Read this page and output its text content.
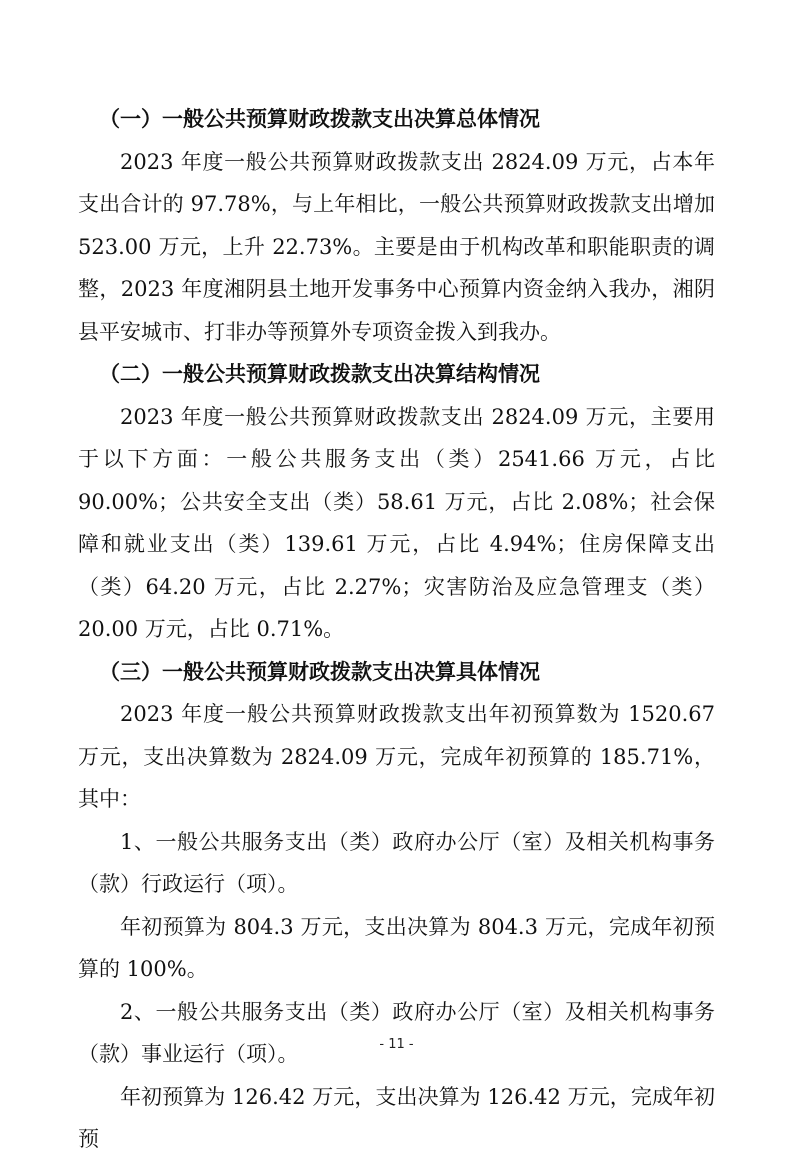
（一）一般公共预算财政拨款支出决算总体情况

2023 年度一般公共预算财政拨款支出 2824.09 万元，占本年支出合计的 97.78%，与上年相比，一般公共预算财政拨款支出增加 523.00 万元，上升 22.73%。主要是由于机构改革和职能职责的调整，2023 年度湘阴县土地开发事务中心预算内资金纳入我办，湘阴县平安城市、打非办等预算外专项资金拨入到我办。

（二）一般公共预算财政拨款支出决算结构情况

2023 年度一般公共预算财政拨款支出 2824.09 万元，主要用于以下方面：一般公共服务支出（类）2541.66 万元，占比 90.00%；公共安全支出（类）58.61 万元，占比 2.08%；社会保障和就业支出（类）139.61 万元，占比 4.94%；住房保障支出（类）64.20 万元，占比 2.27%；灾害防治及应急管理支（类）20.00 万元，占比 0.71%。

（三）一般公共预算财政拨款支出决算具体情况

2023 年度一般公共预算财政拨款支出年初预算数为 1520.67 万元，支出决算数为 2824.09 万元，完成年初预算的 185.71%，其中：

1、一般公共服务支出（类）政府办公厅（室）及相关机构事务（款）行政运行（项）。

年初预算为 804.3 万元，支出决算为 804.3 万元，完成年初预算的 100%。

2、一般公共服务支出（类）政府办公厅（室）及相关机构事务（款）事业运行（项）。

年初预算为 126.42 万元，支出决算为 126.42 万元，完成年初预

- 11 -
